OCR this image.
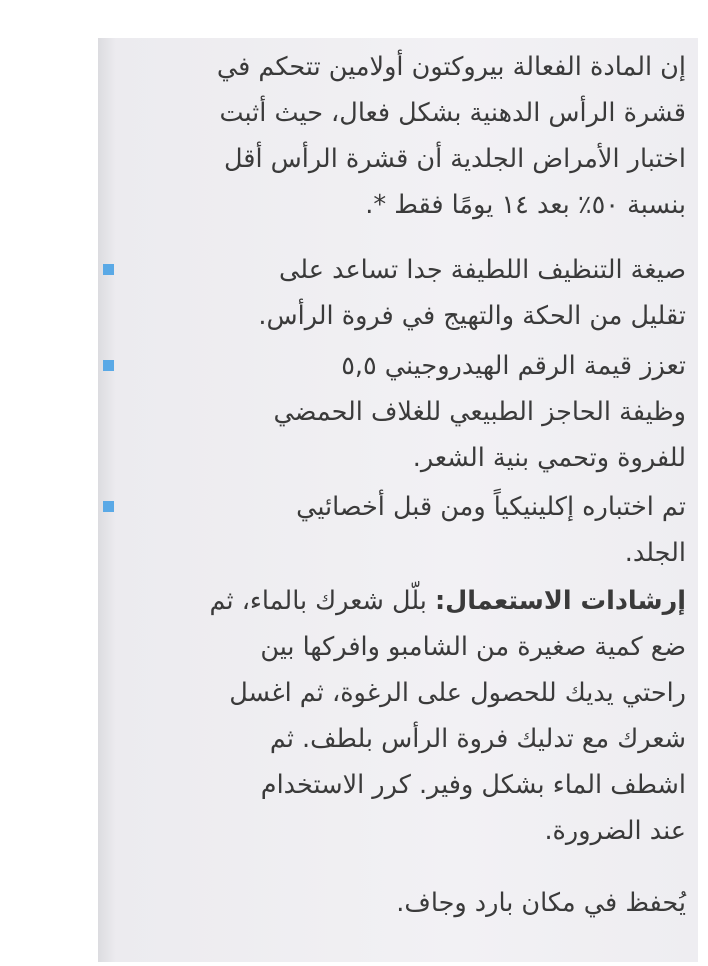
إن المادة الفعالة بيروكتون أولامين تتحكم في
قشرة الرأس الدهنية بشكل فعال، حيث أثبت
اختبار الأمراض الجلدية أن قشرة الرأس أقل
بنسبة ٥٠٪ بعد ١٤ يومًا فقط *.
صيغة التنظيف اللطيفة جدا تساعد على
تقليل من الحكة والتهيج في فروة الرأس.
تعزز قيمة الرقم الهيدروجيني ٥,٥
وظيفة الحاجز الطبيعي للغلاف الحمضي
للفروة وتحمي بنية الشعر.
تم اختباره إكلينيكياً ومن قبل أخصائيي
الجلد.
إرشادات الاستعمال: بلّل شعرك بالماء، ثم
ضع كمية صغيرة من الشامبو وافركها بين
راحتي يديك للحصول على الرغوة، ثم اغسل
شعرك مع تدليك فروة الرأس بلطف. ثم
اشطف الماء بشكل وفير. كرر الاستخدام
عند الضرورة.
يُحفظ في مكان بارد وجاف.
